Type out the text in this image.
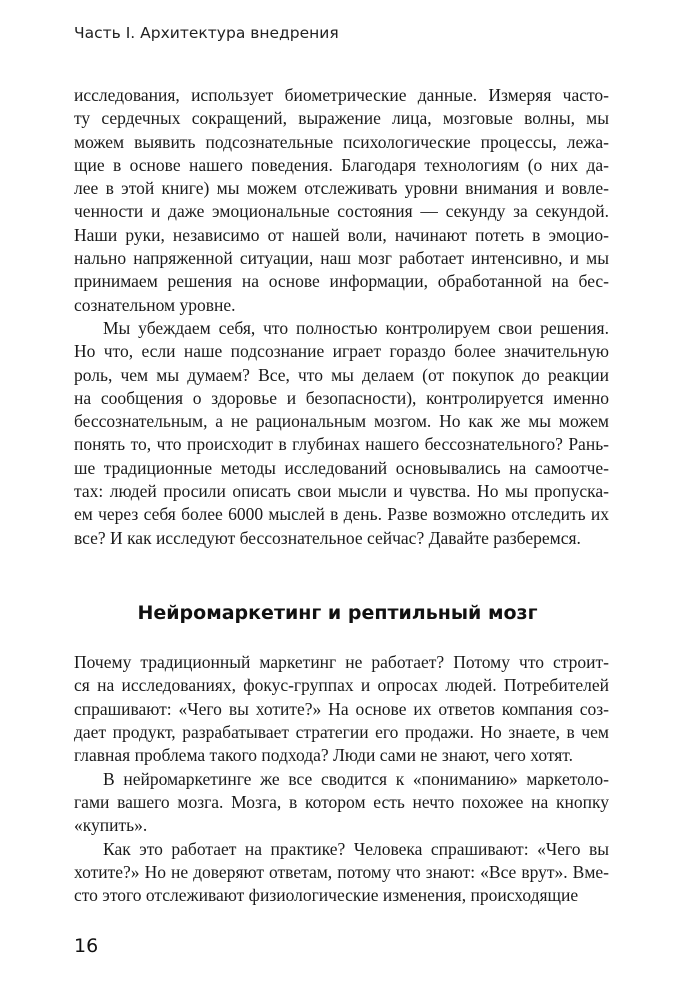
Часть I. Архитектура внедрения
исследования, использует биометрические данные. Измеряя часто-
ту сердечных сокращений, выражение лица, мозговые волны, мы
можем выявить подсознательные психологические процессы, лежа-
щие в основе нашего поведения. Благодаря технологиям (о них да-
лее в этой книге) мы можем отслеживать уровни внимания и вовле-
ченности и даже эмоциональные состояния — секунду за секундой.
Наши руки, независимо от нашей воли, начинают потеть в эмоцио-
нально напряженной ситуации, наш мозг работает интенсивно, и мы
принимаем решения на основе информации, обработанной на бес-
сознательном уровне.
Мы убеждаем себя, что полностью контролируем свои решения.
Но что, если наше подсознание играет гораздо более значительную
роль, чем мы думаем? Все, что мы делаем (от покупок до реакции
на сообщения о здоровье и безопасности), контролируется именно
бессознательным, а не рациональным мозгом. Но как же мы можем
понять то, что происходит в глубинах нашего бессознательного? Рань-
ше традиционные методы исследований основывались на самоотче-
тах: людей просили описать свои мысли и чувства. Но мы пропуска-
ем через себя более 6000 мыслей в день. Разве возможно отследить их
все? И как исследуют бессознательное сейчас? Давайте разберемся.
Нейромаркетинг и рептильный мозг
Почему традиционный маркетинг не работает? Потому что строит-
ся на исследованиях, фокус-группах и опросах людей. Потребителей
спрашивают: «Чего вы хотите?» На основе их ответов компания соз-
дает продукт, разрабатывает стратегии его продажи. Но знаете, в чем
главная проблема такого подхода? Люди сами не знают, чего хотят.
В нейромаркетинге же все сводится к «пониманию» маркетоло-
гами вашего мозга. Мозга, в котором есть нечто похожее на кнопку
«купить».
Как это работает на практике? Человека спрашивают: «Чего вы
хотите?» Но не доверяют ответам, потому что знают: «Все врут». Вме-
сто этого отслеживают физиологические изменения, происходящие
16
